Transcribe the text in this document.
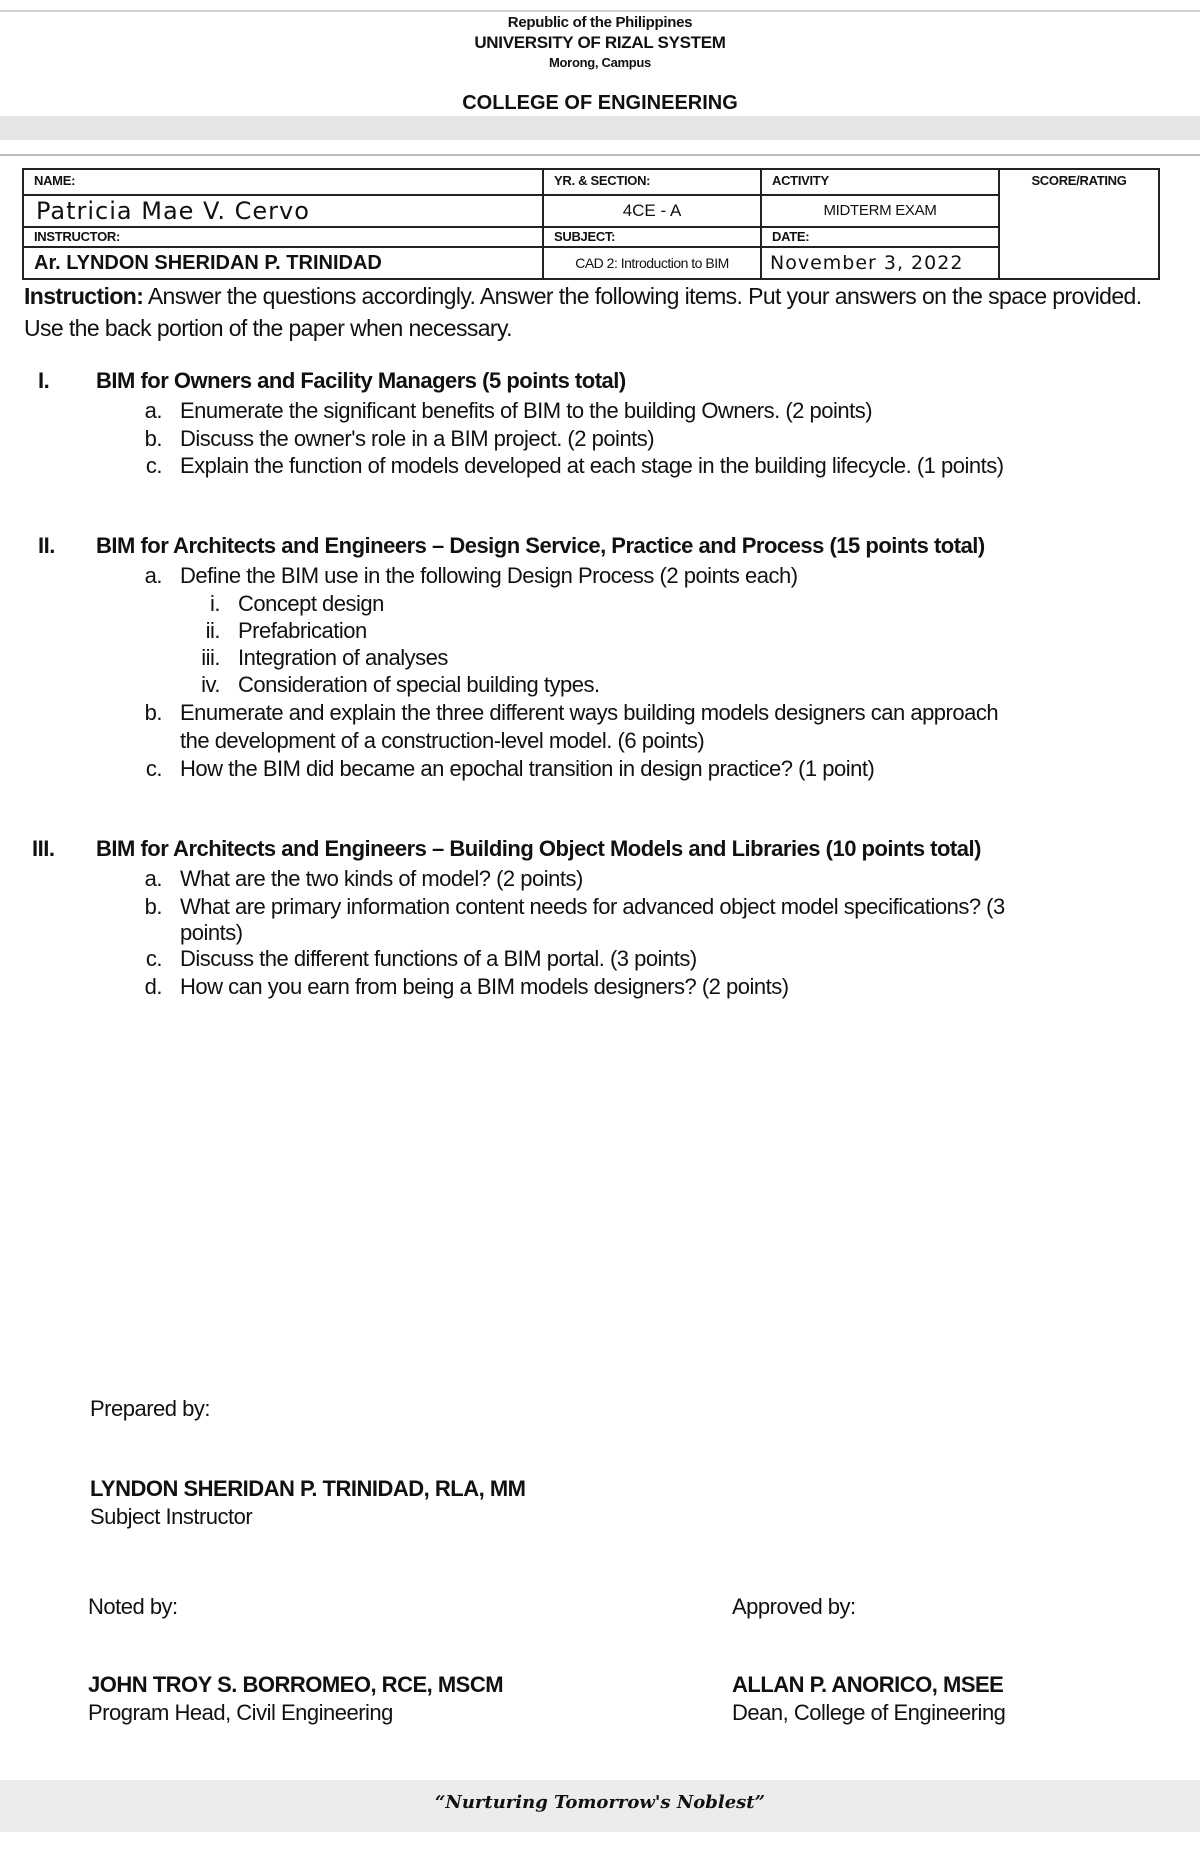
Republic of the Philippines
UNIVERSITY OF RIZAL SYSTEM
Morong, Campus
COLLEGE OF ENGINEERING
NAME:	YR. & SECTION:	ACTIVITY	SCORE/RATING
Patricia Mae V. Cervo	4CE - A	MIDTERM EXAM
INSTRUCTOR:	SUBJECT:	DATE:
Ar. LYNDON SHERIDAN P. TRINIDAD	CAD 2: Introduction to BIM	November 3, 2022
Instruction: Answer the questions accordingly. Answer the following items. Put your answers on the space provided. Use the back portion of the paper when necessary.
I. BIM for Owners and Facility Managers (5 points total)
a. Enumerate the significant benefits of BIM to the building Owners. (2 points)
b. Discuss the owner's role in a BIM project. (2 points)
c. Explain the function of models developed at each stage in the building lifecycle. (1 points)
II. BIM for Architects and Engineers – Design Service, Practice and Process (15 points total)
a. Define the BIM use in the following Design Process (2 points each)
i. Concept design
ii. Prefabrication
iii. Integration of analyses
iv. Consideration of special building types.
b. Enumerate and explain the three different ways building models designers can approach
the development of a construction-level model. (6 points)
c. How the BIM did became an epochal transition in design practice? (1 point)
III. BIM for Architects and Engineers – Building Object Models and Libraries (10 points total)
a. What are the two kinds of model? (2 points)
b. What are primary information content needs for advanced object model specifications? (3
points)
c. Discuss the different functions of a BIM portal. (3 points)
d. How can you earn from being a BIM models designers? (2 points)
Prepared by:
LYNDON SHERIDAN P. TRINIDAD, RLA, MM
Subject Instructor
Noted by:
JOHN TROY S. BORROMEO, RCE, MSCM
Program Head, Civil Engineering
Approved by:
ALLAN P. ANORICO, MSEE
Dean, College of Engineering
“Nurturing Tomorrow's Noblest”
